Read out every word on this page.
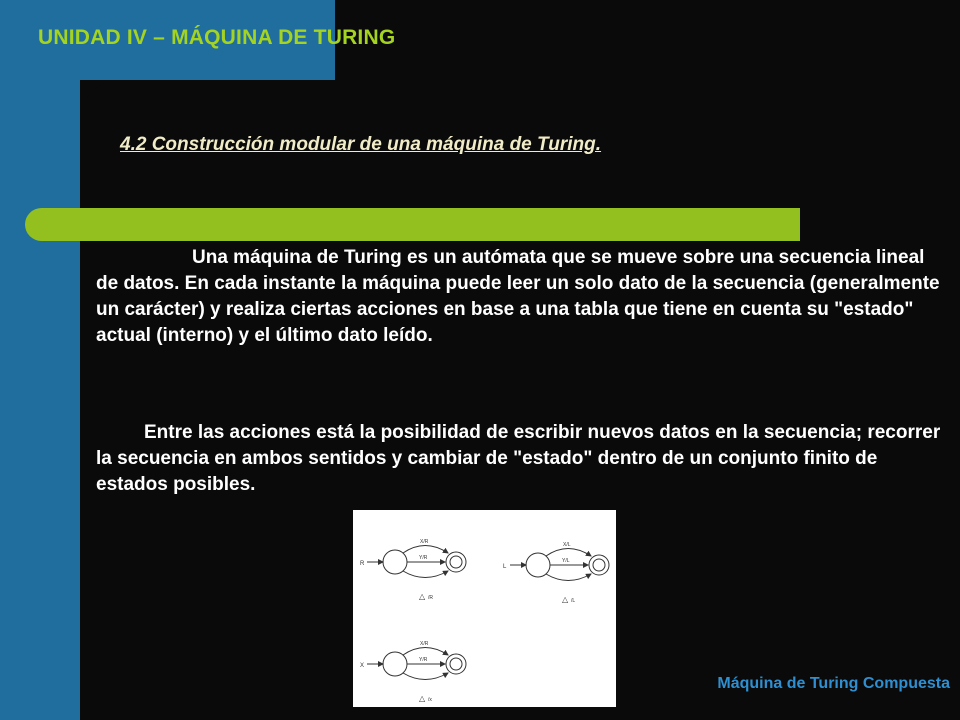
UNIDAD IV – MÁQUINA DE TURING
4.2 Construcción modular de una máquina de Turing.

Una máquina de Turing es un autómata que se mueve sobre una secuencia lineal de datos. En cada instante la máquina puede leer un solo dato de la secuencia (generalmente un carácter) y realiza ciertas acciones en base a una tabla que tiene en cuenta su "estado" actual (interno) y el último dato leído.

Entre las acciones está la posibilidad de escribir nuevos datos en la secuencia; recorrer la secuencia en ambos sentidos y cambiar de "estado" dentro de un conjunto finito de estados posibles.

R
X/R
Y/R
△ /R
L
X/L
Y/L
△ /L
X
X/R
Y/R
△ /x
Máquina de Turing Compuesta
